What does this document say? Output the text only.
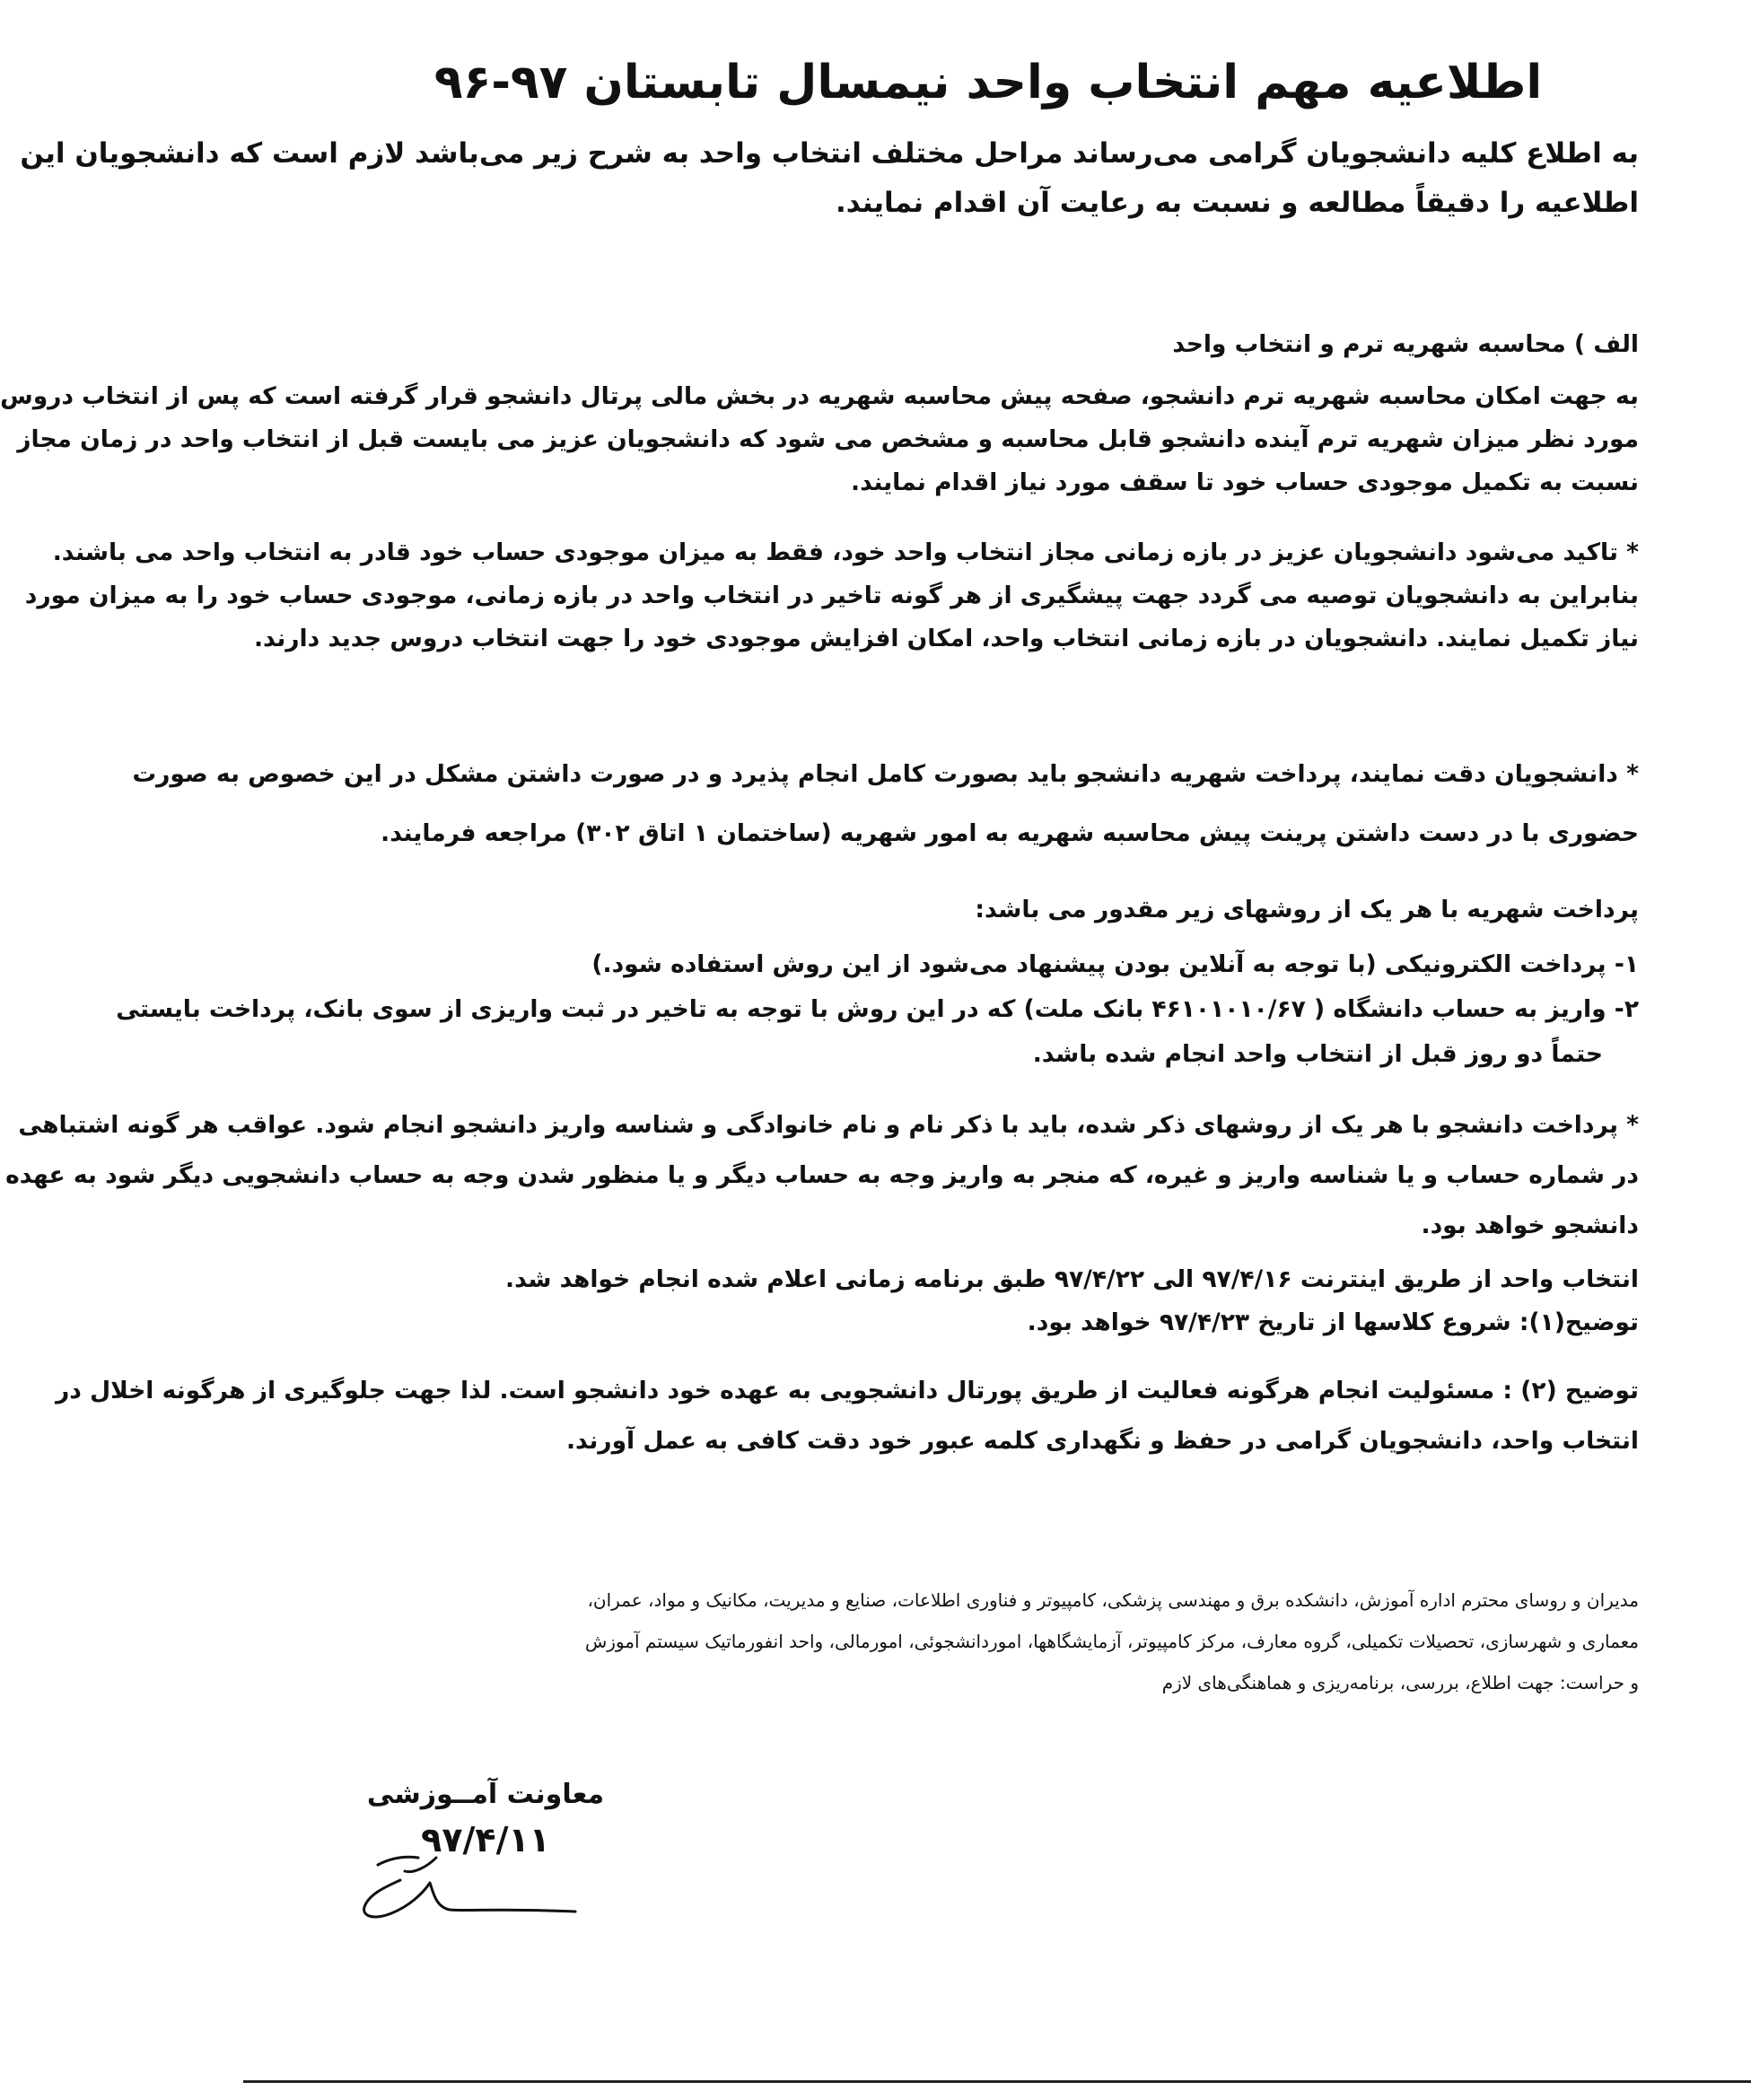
اطلاعیه مهم انتخاب واحد نیمسال تابستان ۹۷-۹۶
به اطلاع کلیه دانشجویان گرامی می‌رساند مراحل مختلف انتخاب واحد به شرح زیر می‌باشد لازم است که دانشجویان این
اطلاعیه را دقیقاً مطالعه و نسبت به رعایت آن اقدام نمایند.
الف ) محاسبه شهریه ترم و انتخاب واحد
به جهت امکان محاسبه شهریه ترم دانشجو، صفحه پیش محاسبه شهریه در بخش مالی پرتال دانشجو قرار گرفته است که پس از انتخاب دروس
مورد نظر میزان شهریه ترم آینده دانشجو قابل محاسبه و مشخص می شود که دانشجویان عزیز می بایست قبل از انتخاب واحد در زمان مجاز
نسبت به تکمیل موجودی حساب خود تا سقف مورد نیاز اقدام نمایند.
* تاکید می‌شود دانشجویان عزیز در بازه زمانی مجاز انتخاب واحد خود، فقط به میزان موجودی حساب خود قادر به انتخاب واحد می باشند.
بنابراین به دانشجویان توصیه می گردد جهت پیشگیری از هر گونه تاخیر در انتخاب واحد در بازه زمانی، موجودی حساب خود را به میزان مورد
نیاز تکمیل نمایند. دانشجویان در بازه زمانی انتخاب واحد، امکان افزایش موجودی خود را جهت انتخاب دروس جدید دارند.
* دانشجویان دقت نمایند، پرداخت شهریه دانشجو باید بصورت کامل انجام پذیرد و در صورت داشتن مشکل در این خصوص به صورت
حضوری با در دست داشتن پرینت پیش محاسبه شهریه به امور شهریه (ساختمان ۱ اتاق ۳۰۲) مراجعه فرمایند.
پرداخت شهریه با هر یک از روشهای زیر مقدور می باشد:
۱- پرداخت الکترونیکی (با توجه به آنلاین بودن پیشنهاد می‌شود از این روش استفاده شود.)
۲- واریز به حساب دانشگاه ( ۴۶۱۰۱۰۱۰/۶۷ بانک ملت) که در این روش با توجه به تاخیر در ثبت واریزی از سوی بانک، پرداخت بایستی
حتماً دو روز قبل از انتخاب واحد انجام شده باشد.
* پرداخت دانشجو با هر یک از روشهای ذکر شده، باید با ذکر نام و نام خانوادگی و شناسه واریز دانشجو انجام شود. عواقب هر گونه اشتباهی
در شماره حساب و یا شناسه واریز و غیره، که منجر به واریز وجه به حساب دیگر و یا منظور شدن وجه به حساب دانشجویی دیگر شود به عهده
دانشجو خواهد بود.
انتخاب واحد از طریق اینترنت ۹۷/۴/۱۶ الی ۹۷/۴/۲۲ طبق برنامه زمانی اعلام شده انجام خواهد شد.
توضیح(۱): شروع کلاسها از تاریخ ۹۷/۴/۲۳ خواهد بود.
توضیح (۲) : مسئولیت انجام هرگونه فعالیت از طریق پورتال دانشجویی به عهده خود دانشجو است. لذا جهت جلوگیری از هرگونه اخلال در
انتخاب واحد، دانشجویان گرامی در حفظ و نگهداری کلمه عبور خود دقت کافی به عمل آورند.
مدیران و روسای محترم اداره آموزش، دانشکده برق و مهندسی پزشکی، کامپیوتر و فناوری اطلاعات، صنایع و مدیریت، مکانیک و مواد، عمران،
معماری و شهرسازی، تحصیلات تکمیلی، گروه معارف، مرکز کامپیوتر، آزمایشگاهها، اموردانشجوئی، امورمالی، واحد انفورماتیک سیستم آموزش
و حراست: جهت اطلاع، بررسی، برنامه‌ریزی و هماهنگی‌های لازم
معاونت آمــوزشی
۹۷/۴/۱۱
